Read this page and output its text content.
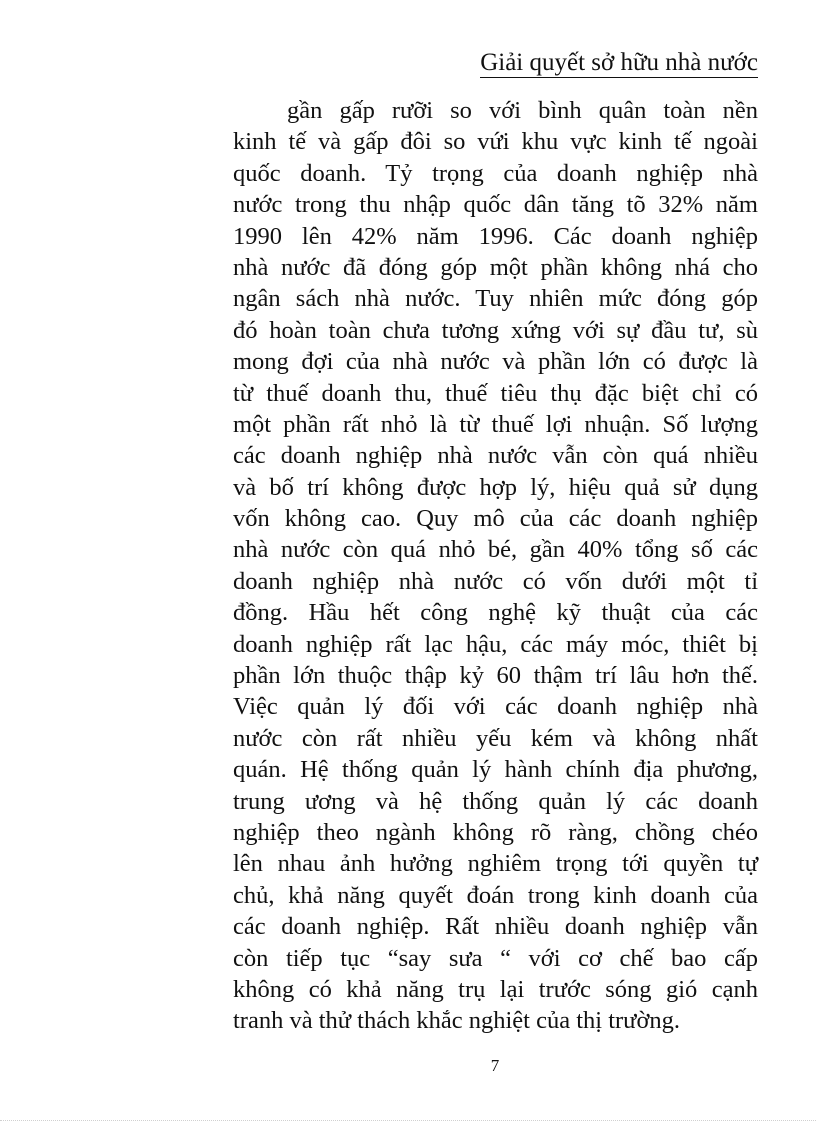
Giải quyết sở hữu nhà nước
gần gấp rưỡi so với bình quân toàn nền
kinh tế và gấp đôi so vứi khu vực kinh tế ngoài
quốc doanh. Tỷ trọng của doanh nghiệp nhà
nước trong thu nhập quốc dân tăng tõ 32% năm
1990 lên 42% năm 1996. Các doanh nghiệp
nhà nước đã đóng góp một phần không nhá cho
ngân sách nhà nước. Tuy nhiên mức đóng góp
đó hoàn toàn chưa tương xứng với sự đầu tư, sù
mong đợi của nhà nước và phần lớn có được là
từ thuế doanh thu, thuế tiêu thụ đặc biệt chỉ có
một phần rất nhỏ là từ thuế lợi nhuận. Số lượng
các doanh nghiệp nhà nước vẫn còn quá nhiều
và bố trí không được hợp lý, hiệu quả sử dụng
vốn không cao. Quy mô của các doanh nghiệp
nhà nước còn quá nhỏ bé, gần 40% tổng số các
doanh nghiệp nhà nước có vốn dưới một tỉ
đồng. Hầu hết công nghệ kỹ thuật của các
doanh nghiệp rất lạc hậu, các máy móc, thiêt bị
phần lớn thuộc thập kỷ 60 thậm trí lâu hơn thế.
Việc quản lý đối với các doanh nghiệp nhà
nước còn rất nhiều yếu kém và không nhất
quán. Hệ thống quản lý hành chính địa phương,
trung ương và hệ thống quản lý các doanh
nghiệp theo ngành không rõ ràng, chồng chéo
lên nhau ảnh hưởng nghiêm trọng tới quyền tự
chủ, khả năng quyết đoán trong kinh doanh của
các doanh nghiệp. Rất nhiều doanh nghiệp vẫn
còn tiếp tục “say sưa “ với cơ chế bao cấp
không có khả năng trụ lại trước sóng gió cạnh
tranh và thử thách khắc nghiệt của thị trường.
7
